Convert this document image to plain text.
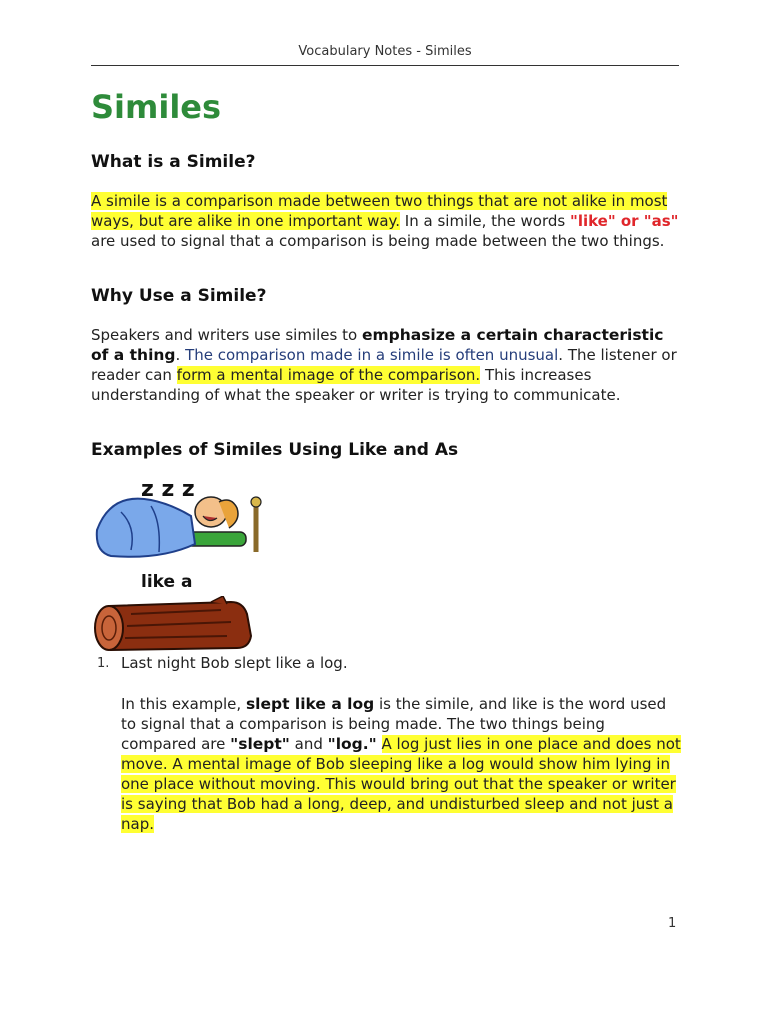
Vocabulary Notes - Similes
Similes
What is a Simile?

A simile is a comparison made between two things that are not alike in most ways, but are alike in one important way. In a simile, the words "like" or "as" are used to signal that a comparison is being made between the two things.

Why Use a Simile?

Speakers and writers use similes to emphasize a certain characteristic of a thing. The comparison made in a simile is often unusual. The listener or reader can form a mental image of the comparison. This increases understanding of what the speaker or writer is trying to communicate.

Examples of Similes Using Like and As
z z z
like a
1. Last night Bob slept like a log.

In this example, slept like a log is the simile, and like is the word used to signal that a comparison is being made. The two things being compared are "slept" and "log." A log just lies in one place and does not move. A mental image of Bob sleeping like a log would show him lying in one place without moving. This would bring out that the speaker or writer is saying that Bob had a long, deep, and undisturbed sleep and not just a nap.

1
